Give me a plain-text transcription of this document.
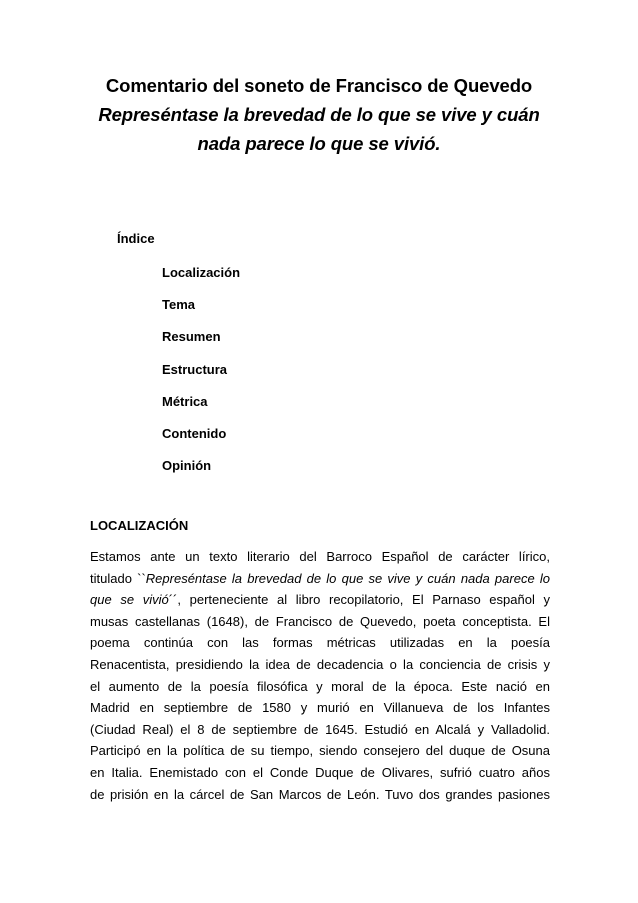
Comentario del soneto de Francisco de Quevedo
Represéntase la brevedad de lo que se vive y cuán
nada parece lo que se vivió.
Índice
Localización
Tema
Resumen
Estructura
Métrica
Contenido
Opinión
LOCALIZACIÓN
Estamos ante un texto literario del Barroco Español de carácter lírico,
titulado ``Represéntase la brevedad de lo que se vive y cuán nada parece lo
que se vivió´´, perteneciente al libro recopilatorio, El Parnaso español y
musas castellanas (1648), de Francisco de Quevedo, poeta conceptista. El
poema continúa con las formas métricas utilizadas en la poesía
Renacentista, presidiendo la idea de decadencia o la conciencia de crisis y
el aumento de la poesía filosófica y moral de la época. Este nació en
Madrid en septiembre de 1580 y murió en Villanueva de los Infantes
(Ciudad Real) el 8 de septiembre de 1645. Estudió en Alcalá y Valladolid.
Participó en la política de su tiempo, siendo consejero del duque de Osuna
en Italia. Enemistado con el Conde Duque de Olivares, sufrió cuatro años
de prisión en la cárcel de San Marcos de León. Tuvo dos grandes pasiones
